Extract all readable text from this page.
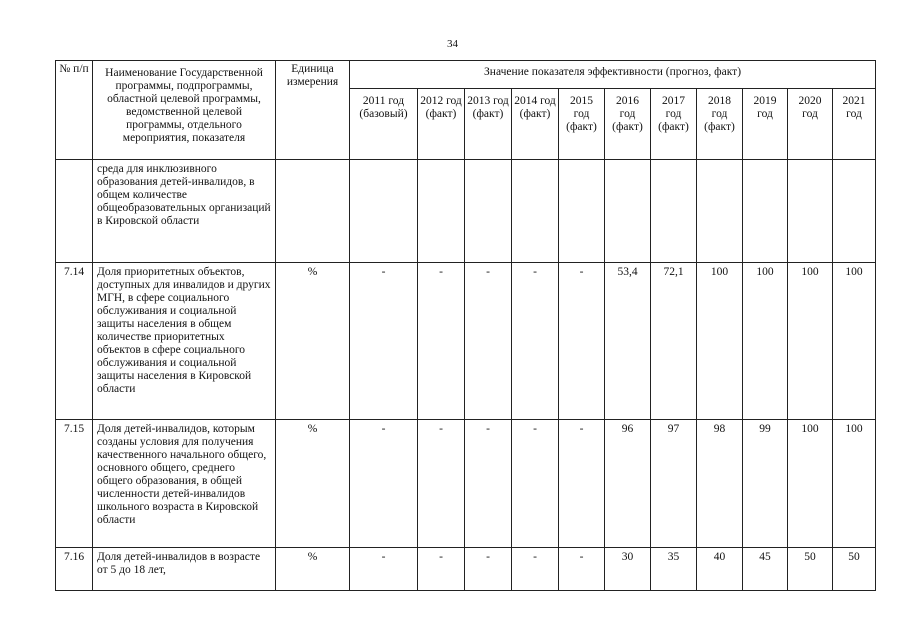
34
№ п/п	Наименование Государственной программы, подпрограммы, областной целевой программы, ведомственной целевой программы, отдельного мероприятия, показателя	Единица измерения	Значение показателя эффективности (прогноз, факт)										
			2011 год (базовый)	2012 год (факт)	2013 год (факт)	2014 год (факт)	2015 год (факт)	2016 год (факт)	2017 год (факт)	2018 год (факт)	2019 год	2020 год	2021 год
	среда для инклюзивного образования детей-инвалидов, в общем количестве общеобразовательных организаций в Кировской области												
7.14	Доля приоритетных объектов, доступных для инвалидов и других МГН, в сфере социального обслуживания и социальной защиты населения в общем количестве приоритетных объектов в сфере социального обслуживания и социальной защиты населения в Кировской области	%	-	-	-	-	-	53,4	72,1	100	100	100	100
7.15	Доля детей-инвалидов, которым созданы условия для получения качественного начального общего, основного общего, среднего общего образования, в общей численности детей-инвалидов школьного возраста в Кировской области	%	-	-	-	-	-	96	97	98	99	100	100
7.16	Доля детей-инвалидов в возрасте от 5 до 18 лет,	%	-	-	-	-	-	30	35	40	45	50	50
